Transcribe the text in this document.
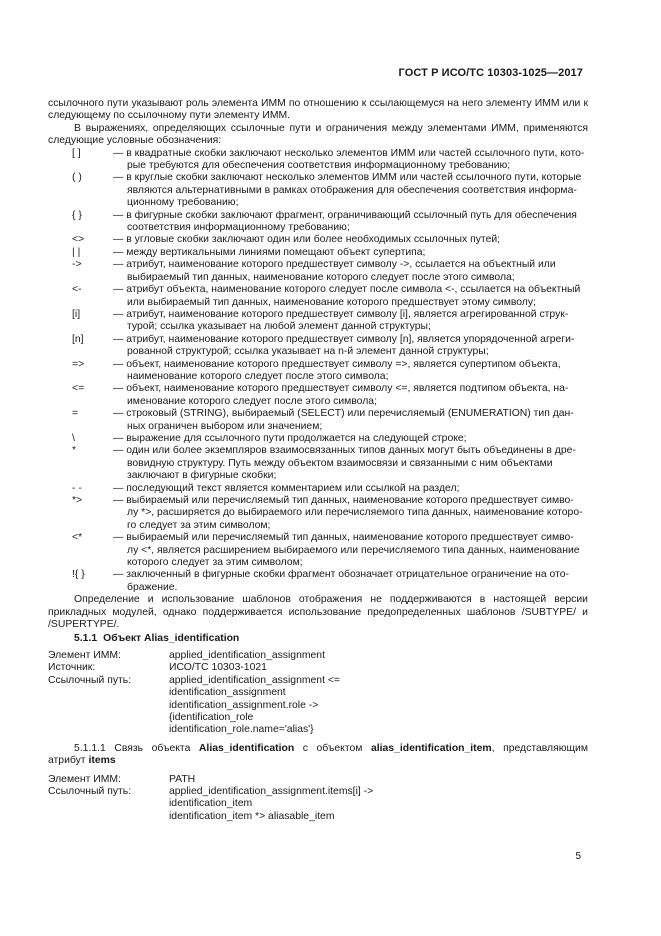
ГОСТ Р ИСО/ТС 10303-1025—2017

ссылочного пути указывают роль элемента ИММ по отношению к ссылающемуся на него элементу ИММ или к следующему по ссылочному пути элементу ИММ.

В выражениях, определяющих ссылочные пути и ограничения между элементами ИММ, применяются следующие условные обозначения:

[ ]	— в квадратные скобки заключают несколько элементов ИММ или частей ссылочного пути, кото-
рые требуются для обеспечения соответствия информационному требованию;
( )	— в круглые скобки заключают несколько элементов ИММ или частей ссылочного пути, которые
являются альтернативными в рамках отображения для обеспечения соответствия информа-
ционному требованию;
{ }	— в фигурные скобки заключают фрагмент, ограничивающий ссылочный путь для обеспечения
соответствия информационному требованию;
<>	— в угловые скобки заключают один или более необходимых ссылочных путей;
| |	— между вертикальными линиями помещают объект супертипа;
->	— атрибут, наименование которого предшествует символу ->, ссылается на объектный или
выбираемый тип данных, наименование которого следует после этого символа;
<-	— атрибут объекта, наименование которого следует после символа <-, ссылается на объектный
или выбираемый тип данных, наименование которого предшествует этому символу;
[i]	— атрибут, наименование которого предшествует символу [i], является агрегированной струк-
турой; ссылка указывает на любой элемент данной структуры;
[n]	— атрибут, наименование которого предшествует символу [n], является упорядоченной агреги-
рованной структурой; ссылка указывает на n-й элемент данной структуры;
=>	— объект, наименование которого предшествует символу =>, является супертипом объекта,
наименование которого следует после этого символа;
<=	— объект, наименование которого предшествует символу <=, является подтипом объекта, на-
именование которого следует после этого символа;
=	— строковый (STRING), выбираемый (SELECT) или перечисляемый (ENUMERATION) тип дан-
ных ограничен выбором или значением;
\	— выражение для ссылочного пути продолжается на следующей строке;
*	— один или более экземпляров взаимосвязанных типов данных могут быть объединены в дре-
вовидную структуру. Путь между объектом взаимосвязи и связанными с ним объектами
заключают в фигурные скобки;
- -	— последующий текст является комментарием или ссылкой на раздел;
*>	— выбираемый или перечисляемый тип данных, наименование которого предшествует симво-
лу *>, расширяется до выбираемого или перечисляемого типа данных, наименование которо-
го следует за этим символом;
<*	— выбираемый или перечисляемый тип данных, наименование которого предшествует симво-
лу <*, является расширением выбираемого или перечисляемого типа данных, наименование
которого следует за этим символом;
!{ }	— заключенный в фигурные скобки фрагмент обозначает отрицательное ограничение на ото-
бражение.

Определение и использование шаблонов отображения не поддерживаются в настоящей версии прикладных модулей, однако поддерживается использование предопределенных шаблонов /SUBTYPE/ и /SUPERTYPE/.

5.1.1 Объект Alias_identification
Элемент ИММ:	applied_identification_assignment
Источник:	ИСО/ТС 10303-1021
Ссылочный путь:	applied_identification_assignment <=
identification_assignment
identification_assignment.role ->
{identification_role
identification_role.name='alias'}

5.1.1.1 Связь объекта Alias_identification с объектом alias_identification_item, представляющим атрибут items

Элемент ИММ:	PATH
Ссылочный путь:	applied_identification_assignment.items[i] ->
identification_item
identification_item *> aliasable_item
5
